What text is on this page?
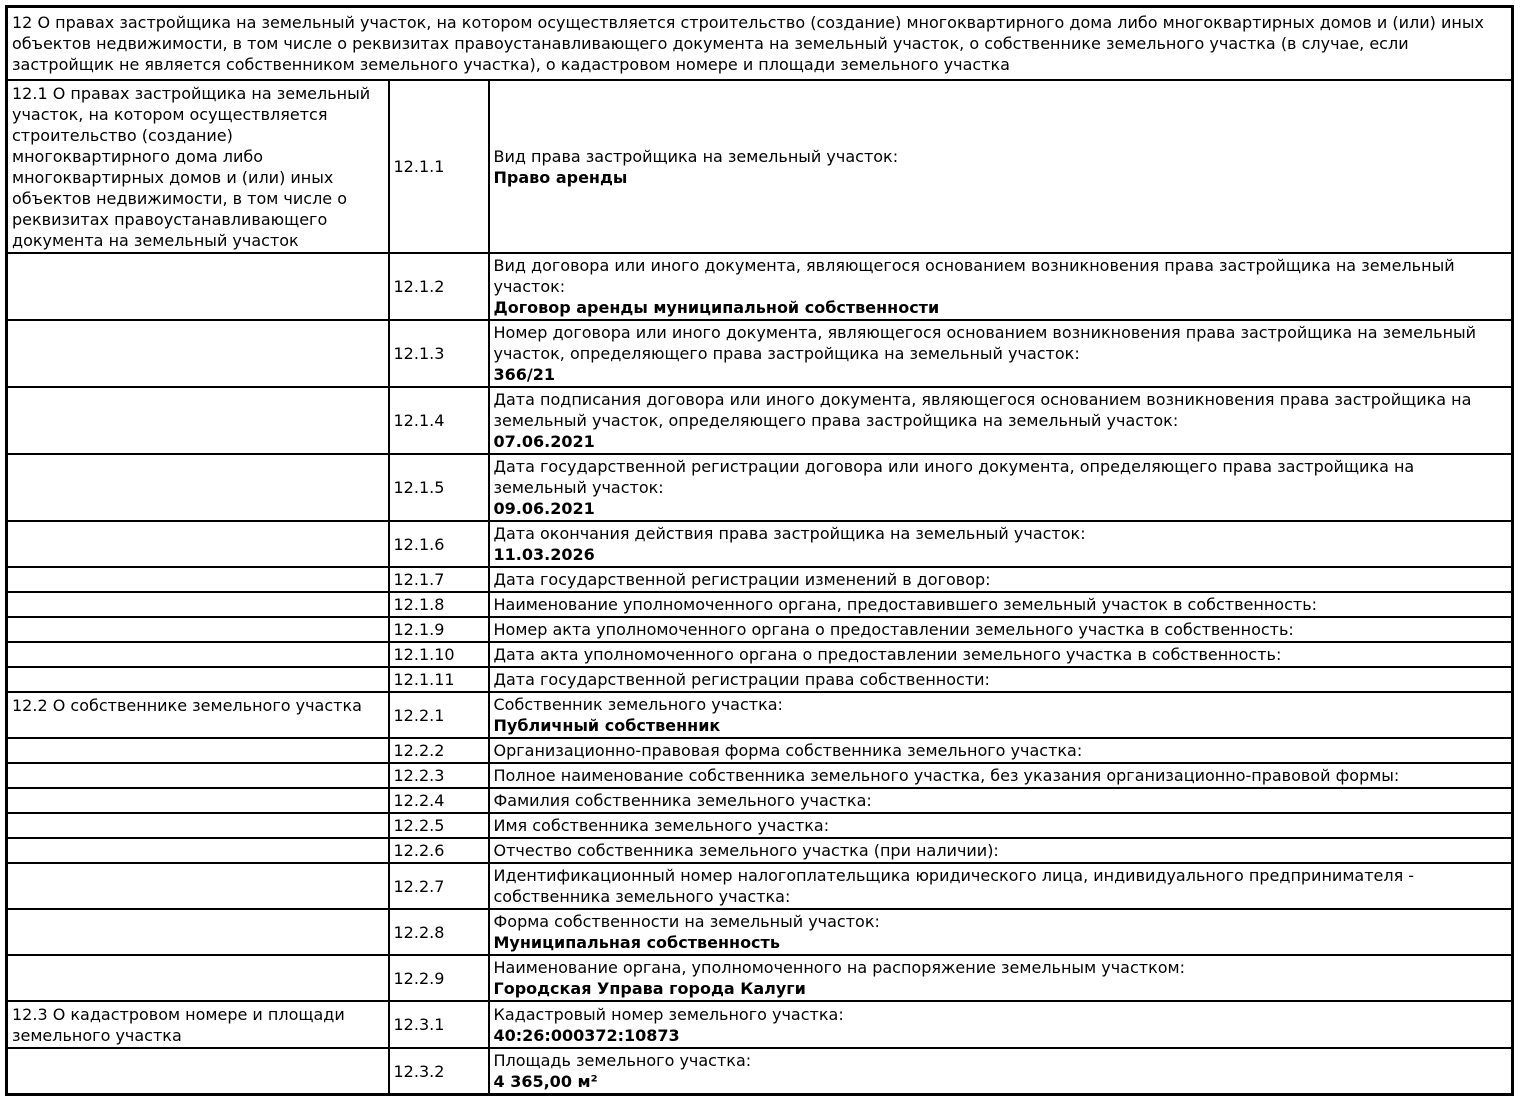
12 О правах застройщика на земельный участок, на котором осуществляется строительство (создание) многоквартирного дома либо многоквартирных домов и (или) иных объектов недвижимости, в том числе о реквизитах правоустанавливающего документа на земельный участок, о собственнике земельного участка (в случае, если застройщик не является собственником земельного участка), о кадастровом номере и площади земельного участка		
12.1 О правах застройщика на земельный участок, на котором осуществляется строительство (создание) многоквартирного дома либо многоквартирных домов и (или) иных объектов недвижимости, в том числе о реквизитах правоустанавливающего документа на земельный участок	12.1.1	Вид права застройщика на земельный участок:
Право аренды

	12.1.2	Вид договора или иного документа, являющегося основанием возникновения права застройщика на земельный участок:
Договор аренды муниципальной собственности

	12.1.3	Номер договора или иного документа, являющегося основанием возникновения права застройщика на земельный участок, определяющего права застройщика на земельный участок:
366/21

	12.1.4	Дата подписания договора или иного документа, являющегося основанием возникновения права застройщика на земельный участок, определяющего права застройщика на земельный участок:
07.06.2021

	12.1.5	Дата государственной регистрации договора или иного документа, определяющего права застройщика на земельный участок:
09.06.2021

	12.1.6	Дата окончания действия права застройщика на земельный участок:
11.03.2026

	12.1.7	Дата государственной регистрации изменений в договор:

	12.1.8	Наименование уполномоченного органа, предоставившего земельный участок в собственность:

	12.1.9	Номер акта уполномоченного органа о предоставлении земельного участка в собственность:

	12.1.10	Дата акта уполномоченного органа о предоставлении земельного участка в собственность:

	12.1.11	Дата государственной регистрации права собственности:

12.2 О собственнике земельного участка	12.2.1	Собственник земельного участка:
Публичный собственник

	12.2.2	Организационно-правовая форма собственника земельного участка:

	12.2.3	Полное наименование собственника земельного участка, без указания организационно-правовой формы:

	12.2.4	Фамилия собственника земельного участка:

	12.2.5	Имя собственника земельного участка:

	12.2.6	Отчество собственника земельного участка (при наличии):

	12.2.7	Идентификационный номер налогоплательщика юридического лица, индивидуального предпринимателя - собственника земельного участка:

	12.2.8	Форма собственности на земельный участок:
Муниципальная собственность

	12.2.9	Наименование органа, уполномоченного на распоряжение земельным участком:
Городская Управа города Калуги

12.3 О кадастровом номере и площади земельного участка	12.3.1	Кадастровый номер земельного участка:
40:26:000372:10873

	12.3.2	Площадь земельного участка:
4 365,00 м²
